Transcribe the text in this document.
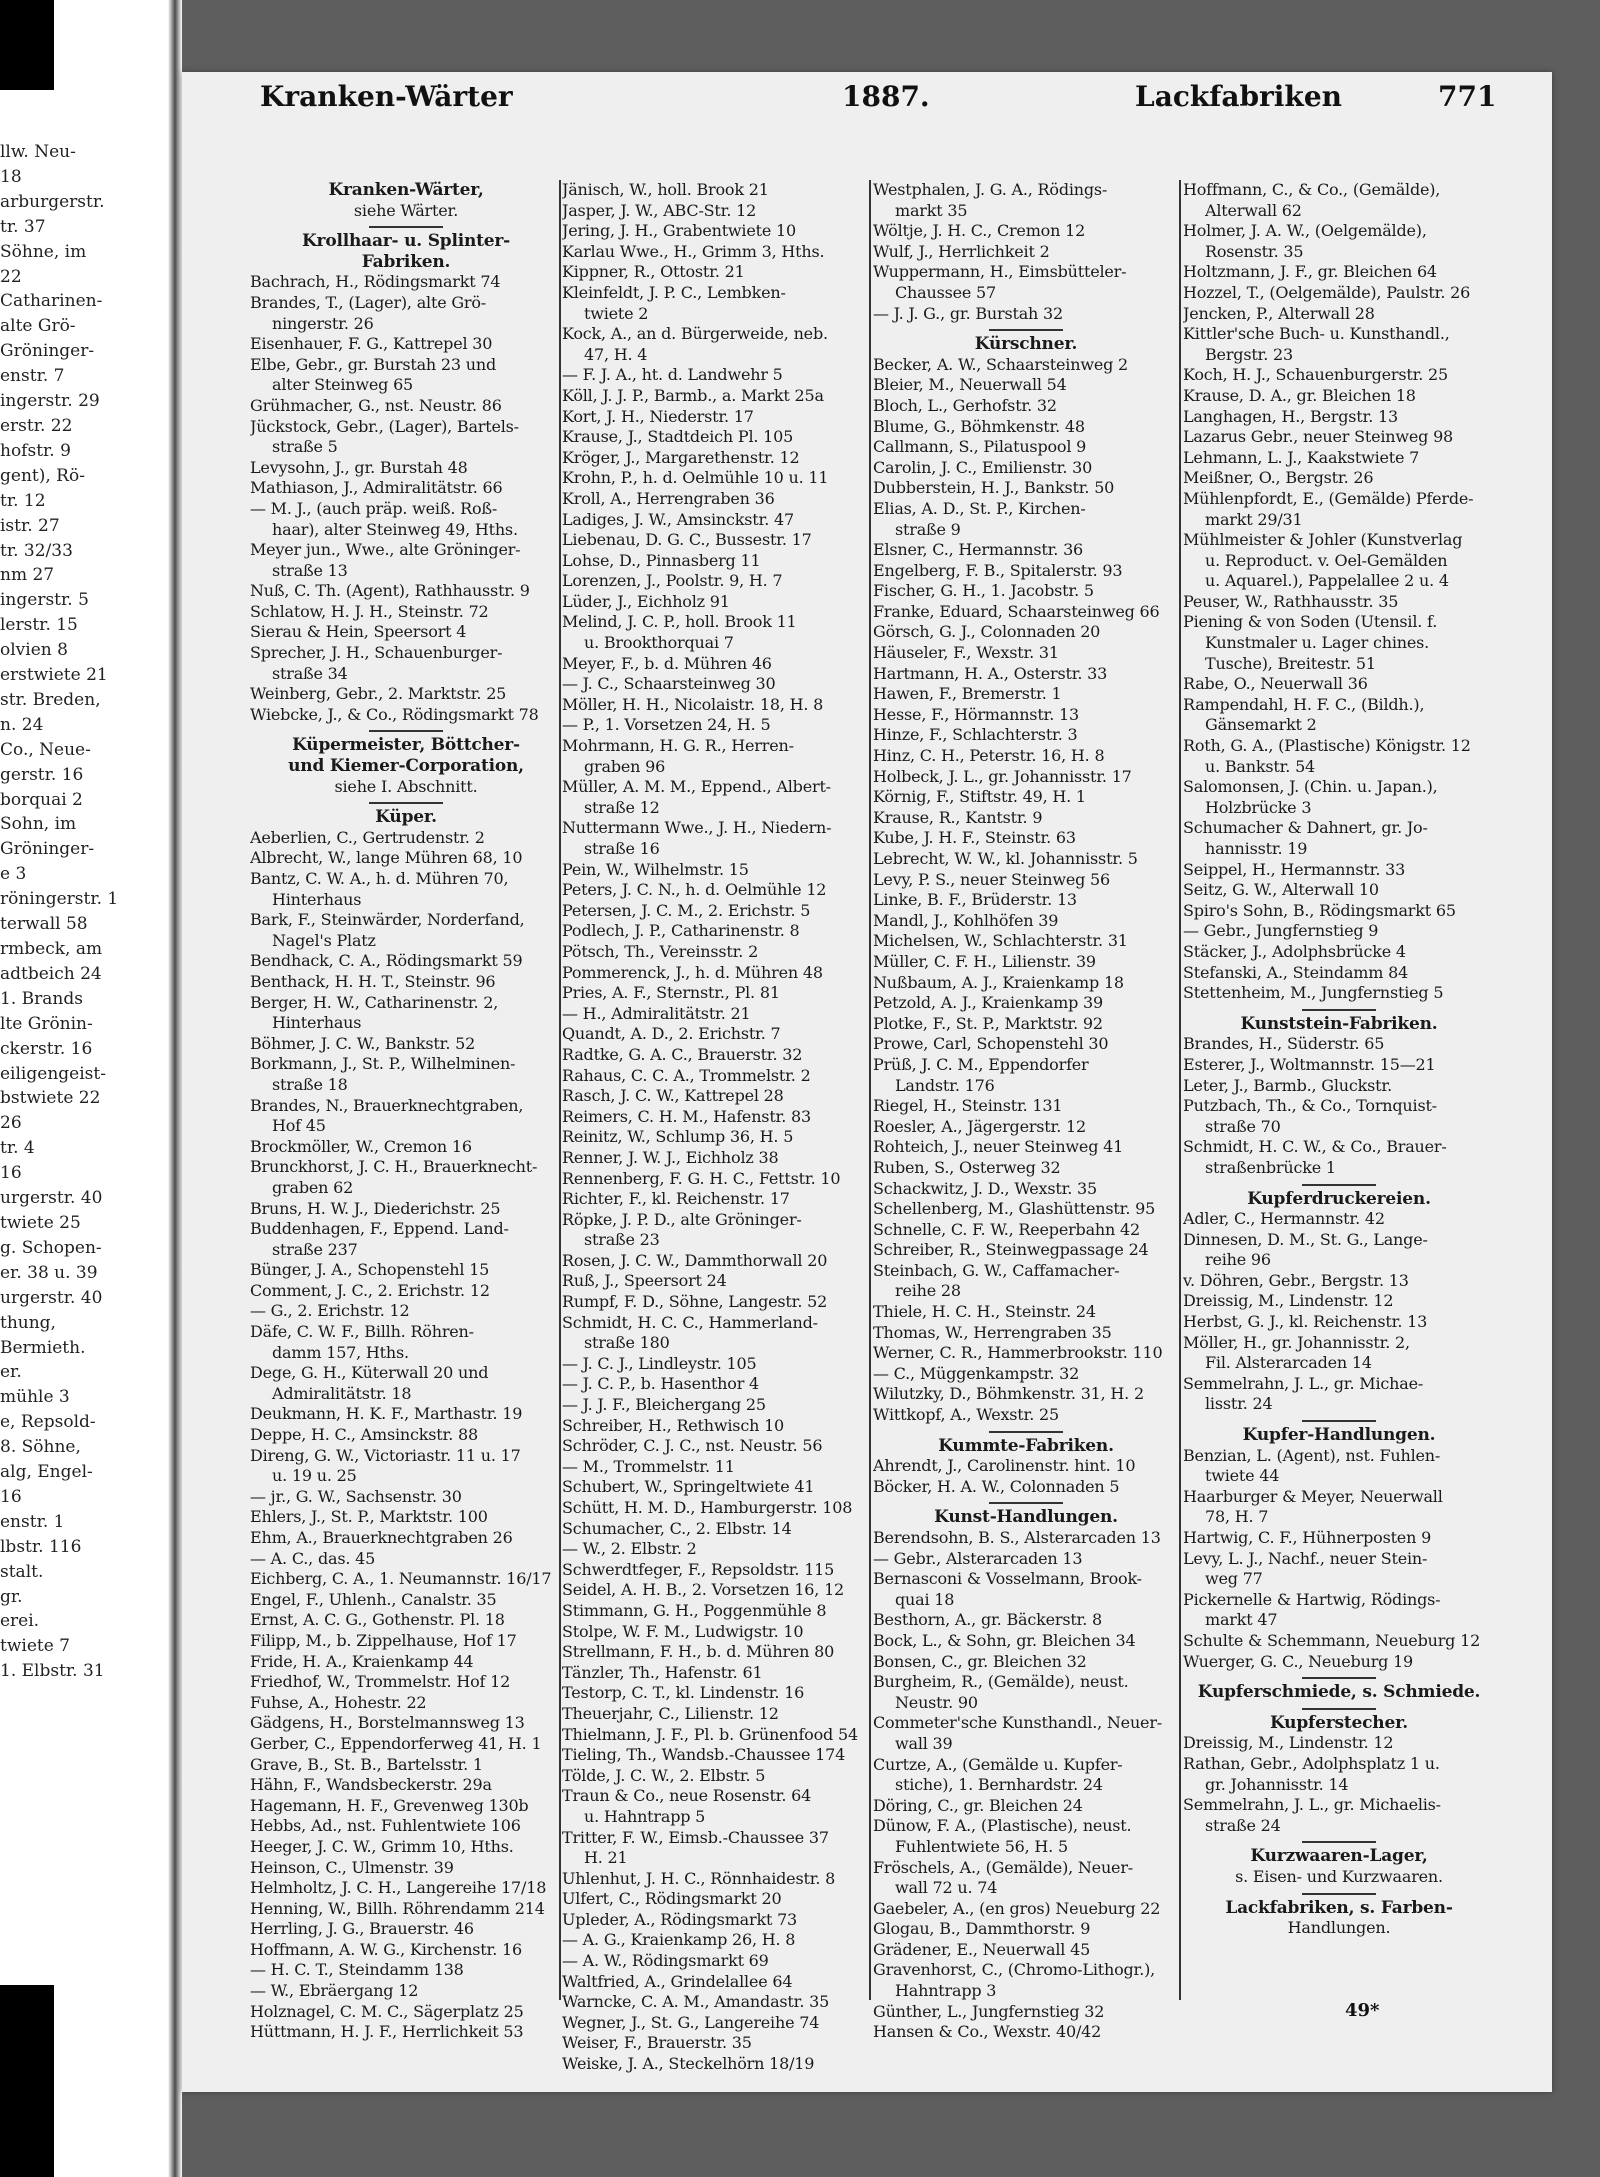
llw. Neu-
18
arburgerstr.
tr. 37
Söhne, im
22
Catharinen-
alte Grö-
Gröninger-
enstr. 7
ingerstr. 29
erstr. 22
hofstr. 9
gent), Rö-
tr. 12
istr. 27
tr. 32/33
nm 27
ingerstr. 5
lerstr. 15
olvien 8
erstwiete 21
str. Breden,
n. 24
Co., Neue-
gerstr. 16
borquai 2
Sohn, im
Gröninger-
e 3
röningerstr. 1
terwall 58
rmbeck, am
adtbeich 24
1. Brands
lte Grönin-
ckerstr. 16
eiligengeist-
bstwiete 22
26
tr. 4
16
urgerstr. 40
twiete 25
g. Schopen-
er. 38 u. 39
urgerstr. 40
thung,
Bermieth.
er.
mühle 3
e, Repsold-
8. Söhne,
alg, Engel-
16
enstr. 1
lbstr. 116
stalt.
gr.
erei.
twiete 7
1. Elbstr. 31
Kranken-Wärter	1887.	Lackfabriken	771
Kranken-Wärter,
siehe Wärter.
Krollhaar- u. Splinter-
Fabriken.
Bachrach, H., Rödingsmarkt 74
Brandes, T., (Lager), alte Grö-
ningerstr. 26
Eisenhauer, F. G., Kattrepel 30
Elbe, Gebr., gr. Burstah 23 und
alter Steinweg 65
Grühmacher, G., nst. Neustr. 86
Jückstock, Gebr., (Lager), Bartels-
straße 5
Levysohn, J., gr. Burstah 48
Mathiason, J., Admiralitätstr. 66
— M. J., (auch präp. weiß. Roß-
haar), alter Steinweg 49, Hths.
Meyer jun., Wwe., alte Gröninger-
straße 13
Nuß, C. Th. (Agent), Rathhausstr. 9
Schlatow, H. J. H., Steinstr. 72
Sierau & Hein, Speersort 4
Sprecher, J. H., Schauenburger-
straße 34
Weinberg, Gebr., 2. Marktstr. 25
Wiebcke, J., & Co., Rödingsmarkt 78
Küpermeister, Böttcher-
und Kiemer-Corporation,
siehe I. Abschnitt.
Küper.
Aeberlien, C., Gertrudenstr. 2
Albrecht, W., lange Mühren 68, 10
Bantz, C. W. A., h. d. Mühren 70,
Hinterhaus
Bark, F., Steinwärder, Norderfand,
Nagel's Platz
Bendhack, C. A., Rödingsmarkt 59
Benthack, H. H. T., Steinstr. 96
Berger, H. W., Catharinenstr. 2,
Hinterhaus
Böhmer, J. C. W., Bankstr. 52
Borkmann, J., St. P., Wilhelminen-
straße 18
Brandes, N., Brauerknechtgraben,
Hof 45
Brockmöller, W., Cremon 16
Brunckhorst, J. C. H., Brauerknecht-
graben 62
Bruns, H. W. J., Diederichstr. 25
Buddenhagen, F., Eppend. Land-
straße 237
Bünger, J. A., Schopenstehl 15
Comment, J. C., 2. Erichstr. 12
— G., 2. Erichstr. 12
Däfe, C. W. F., Billh. Röhren-
damm 157, Hths.
Dege, G. H., Küterwall 20 und
Admiralitätstr. 18
Deukmann, H. K. F., Marthastr. 19
Deppe, H. C., Amsinckstr. 88
Direng, G. W., Victoriastr. 11 u. 17
u. 19 u. 25
— jr., G. W., Sachsenstr. 30
Ehlers, J., St. P., Marktstr. 100
Ehm, A., Brauerknechtgraben 26
— A. C., das. 45
Eichberg, C. A., 1. Neumannstr. 16/17
Engel, F., Uhlenh., Canalstr. 35
Ernst, A. C. G., Gothenstr. Pl. 18
Filipp, M., b. Zippelhause, Hof 17
Fride, H. A., Kraienkamp 44
Friedhof, W., Trommelstr. Hof 12
Fuhse, A., Hohestr. 22
Gädgens, H., Borstelmannsweg 13
Gerber, C., Eppendorferweg 41, H. 1
Grave, B., St. B., Bartelsstr. 1
Hähn, F., Wandsbeckerstr. 29a
Hagemann, H. F., Grevenweg 130b
Hebbs, Ad., nst. Fuhlentwiete 106
Heeger, J. C. W., Grimm 10, Hths.
Heinson, C., Ulmenstr. 39
Helmholtz, J. C. H., Langereihe 17/18
Henning, W., Billh. Röhrendamm 214
Herrling, J. G., Brauerstr. 46
Hoffmann, A. W. G., Kirchenstr. 16
— H. C. T., Steindamm 138
— W., Ebräergang 12
Holznagel, C. M. C., Sägerplatz 25
Hüttmann, H. J. F., Herrlichkeit 53
Jänisch, W., holl. Brook 21
Jasper, J. W., ABC-Str. 12
Jering, J. H., Grabentwiete 10
Karlau Wwe., H., Grimm 3, Hths.
Kippner, R., Ottostr. 21
Kleinfeldt, J. P. C., Lembken-
twiete 2
Kock, A., an d. Bürgerweide, neb.
47, H. 4
— F. J. A., ht. d. Landwehr 5
Köll, J. J. P., Barmb., a. Markt 25a
Kort, J. H., Niederstr. 17
Krause, J., Stadtdeich Pl. 105
Kröger, J., Margarethenstr. 12
Krohn, P., h. d. Oelmühle 10 u. 11
Kroll, A., Herrengraben 36
Ladiges, J. W., Amsinckstr. 47
Liebenau, D. G. C., Bussestr. 17
Lohse, D., Pinnasberg 11
Lorenzen, J., Poolstr. 9, H. 7
Lüder, J., Eichholz 91
Melind, J. C. P., holl. Brook 11
u. Brookthorquai 7
Meyer, F., b. d. Mühren 46
— J. C., Schaarsteinweg 30
Möller, H. H., Nicolaistr. 18, H. 8
— P., 1. Vorsetzen 24, H. 5
Mohrmann, H. G. R., Herren-
graben 96
Müller, A. M. M., Eppend., Albert-
straße 12
Nuttermann Wwe., J. H., Niedern-
straße 16
Pein, W., Wilhelmstr. 15
Peters, J. C. N., h. d. Oelmühle 12
Petersen, J. C. M., 2. Erichstr. 5
Podlech, J. P., Catharinenstr. 8
Pötsch, Th., Vereinsstr. 2
Pommerenck, J., h. d. Mühren 48
Pries, A. F., Sternstr., Pl. 81
— H., Admiralitätstr. 21
Quandt, A. D., 2. Erichstr. 7
Radtke, G. A. C., Brauerstr. 32
Rahaus, C. C. A., Trommelstr. 2
Rasch, J. C. W., Kattrepel 28
Reimers, C. H. M., Hafenstr. 83
Reinitz, W., Schlump 36, H. 5
Renner, J. W. J., Eichholz 38
Rennenberg, F. G. H. C., Fettstr. 10
Richter, F., kl. Reichenstr. 17
Röpke, J. P. D., alte Gröninger-
straße 23
Rosen, J. C. W., Dammthorwall 20
Ruß, J., Speersort 24
Rumpf, F. D., Söhne, Langestr. 52
Schmidt, H. C. C., Hammerland-
straße 180
— J. C. J., Lindleystr. 105
— J. C. P., b. Hasenthor 4
— J. J. F., Bleichergang 25
Schreiber, H., Rethwisch 10
Schröder, C. J. C., nst. Neustr. 56
— M., Trommelstr. 11
Schubert, W., Springeltwiete 41
Schütt, H. M. D., Hamburgerstr. 108
Schumacher, C., 2. Elbstr. 14
— W., 2. Elbstr. 2
Schwerdtfeger, F., Repsoldstr. 115
Seidel, A. H. B., 2. Vorsetzen 16, 12
Stimmann, G. H., Poggenmühle 8
Stolpe, W. F. M., Ludwigstr. 10
Strellmann, F. H., b. d. Mühren 80
Tänzler, Th., Hafenstr. 61
Testorp, C. T., kl. Lindenstr. 16
Theuerjahr, C., Lilienstr. 12
Thielmann, J. F., Pl. b. Grünenfood 54
Tieling, Th., Wandsb.-Chaussee 174
Tölde, J. C. W., 2. Elbstr. 5
Traun & Co., neue Rosenstr. 64
u. Hahntrapp 5
Tritter, F. W., Eimsb.-Chaussee 37
H. 21
Uhlenhut, J. H. C., Rönnhaidestr. 8
Ulfert, C., Rödingsmarkt 20
Upleder, A., Rödingsmarkt 73
— A. G., Kraienkamp 26, H. 8
— A. W., Rödingsmarkt 69
Waltfried, A., Grindelallee 64
Warncke, C. A. M., Amandastr. 35
Wegner, J., St. G., Langereihe 74
Weiser, F., Brauerstr. 35
Weiske, J. A., Steckelhörn 18/19
Westphalen, J. G. A., Rödings-
markt 35
Wöltje, J. H. C., Cremon 12
Wulf, J., Herrlichkeit 2
Wuppermann, H., Eimsbütteler-
Chaussee 57
— J. J. G., gr. Burstah 32
Kürschner.
Becker, A. W., Schaarsteinweg 2
Bleier, M., Neuerwall 54
Bloch, L., Gerhofstr. 32
Blume, G., Böhmkenstr. 48
Callmann, S., Pilatuspool 9
Carolin, J. C., Emilienstr. 30
Dubberstein, H. J., Bankstr. 50
Elias, A. D., St. P., Kirchen-
straße 9
Elsner, C., Hermannstr. 36
Engelberg, F. B., Spitalerstr. 93
Fischer, G. H., 1. Jacobstr. 5
Franke, Eduard, Schaarsteinweg 66
Görsch, G. J., Colonnaden 20
Häuseler, F., Wexstr. 31
Hartmann, H. A., Osterstr. 33
Hawen, F., Bremerstr. 1
Hesse, F., Hörmannstr. 13
Hinze, F., Schlachterstr. 3
Hinz, C. H., Peterstr. 16, H. 8
Holbeck, J. L., gr. Johannisstr. 17
Körnig, F., Stiftstr. 49, H. 1
Krause, R., Kantstr. 9
Kube, J. H. F., Steinstr. 63
Lebrecht, W. W., kl. Johannisstr. 5
Levy, P. S., neuer Steinweg 56
Linke, B. F., Brüderstr. 13
Mandl, J., Kohlhöfen 39
Michelsen, W., Schlachterstr. 31
Müller, C. F. H., Lilienstr. 39
Nußbaum, A. J., Kraienkamp 18
Petzold, A. J., Kraienkamp 39
Plotke, F., St. P., Marktstr. 92
Prowe, Carl, Schopenstehl 30
Prüß, J. C. M., Eppendorfer
Landstr. 176
Riegel, H., Steinstr. 131
Roesler, A., Jägergerstr. 12
Rohteich, J., neuer Steinweg 41
Ruben, S., Osterweg 32
Schackwitz, J. D., Wexstr. 35
Schellenberg, M., Glashüttenstr. 95
Schnelle, C. F. W., Reeperbahn 42
Schreiber, R., Steinwegpassage 24
Steinbach, G. W., Caffamacher-
reihe 28
Thiele, H. C. H., Steinstr. 24
Thomas, W., Herrengraben 35
Werner, C. R., Hammerbrookstr. 110
— C., Müggenkampstr. 32
Wilutzky, D., Böhmkenstr. 31, H. 2
Wittkopf, A., Wexstr. 25
Kummte-Fabriken.
Ahrendt, J., Carolinenstr. hint. 10
Böcker, H. A. W., Colonnaden 5
Kunst-Handlungen.
Berendsohn, B. S., Alsterarcaden 13
— Gebr., Alsterarcaden 13
Bernasconi & Vosselmann, Brook-
quai 18
Besthorn, A., gr. Bäckerstr. 8
Bock, L., & Sohn, gr. Bleichen 34
Bonsen, C., gr. Bleichen 32
Burgheim, R., (Gemälde), neust.
Neustr. 90
Commeter'sche Kunsthandl., Neuer-
wall 39
Curtze, A., (Gemälde u. Kupfer-
stiche), 1. Bernhardstr. 24
Döring, C., gr. Bleichen 24
Dünow, F. A., (Plastische), neust.
Fuhlentwiete 56, H. 5
Fröschels, A., (Gemälde), Neuer-
wall 72 u. 74
Gaebeler, A., (en gros) Neueburg 22
Glogau, B., Dammthorstr. 9
Grädener, E., Neuerwall 45
Gravenhorst, C., (Chromo-Lithogr.),
Hahntrapp 3
Günther, L., Jungfernstieg 32
Hansen & Co., Wexstr. 40/42
Hoffmann, C., & Co., (Gemälde),
Alterwall 62
Holmer, J. A. W., (Oelgemälde),
Rosenstr. 35
Holtzmann, J. F., gr. Bleichen 64
Hozzel, T., (Oelgemälde), Paulstr. 26
Jencken, P., Alterwall 28
Kittler'sche Buch- u. Kunsthandl.,
Bergstr. 23
Koch, H. J., Schauenburgerstr. 25
Krause, D. A., gr. Bleichen 18
Langhagen, H., Bergstr. 13
Lazarus Gebr., neuer Steinweg 98
Lehmann, L. J., Kaakstwiete 7
Meißner, O., Bergstr. 26
Mühlenpfordt, E., (Gemälde) Pferde-
markt 29/31
Mühlmeister & Johler (Kunstverlag
u. Reproduct. v. Oel-Gemälden
u. Aquarel.), Pappelallee 2 u. 4
Peuser, W., Rathhausstr. 35
Piening & von Soden (Utensil. f.
Kunstmaler u. Lager chines.
Tusche), Breitestr. 51
Rabe, O., Neuerwall 36
Rampendahl, H. F. C., (Bildh.),
Gänsemarkt 2
Roth, G. A., (Plastische) Königstr. 12
u. Bankstr. 54
Salomonsen, J. (Chin. u. Japan.),
Holzbrücke 3
Schumacher & Dahnert, gr. Jo-
hannisstr. 19
Seippel, H., Hermannstr. 33
Seitz, G. W., Alterwall 10
Spiro's Sohn, B., Rödingsmarkt 65
— Gebr., Jungfernstieg 9
Stäcker, J., Adolphsbrücke 4
Stefanski, A., Steindamm 84
Stettenheim, M., Jungfernstieg 5
Kunststein-Fabriken.
Brandes, H., Süderstr. 65
Esterer, J., Woltmannstr. 15—21
Leter, J., Barmb., Gluckstr.
Putzbach, Th., & Co., Tornquist-
straße 70
Schmidt, H. C. W., & Co., Brauer-
straßenbrücke 1
Kupferdruckereien.
Adler, C., Hermannstr. 42
Dinnesen, D. M., St. G., Lange-
reihe 96
v. Döhren, Gebr., Bergstr. 13
Dreissig, M., Lindenstr. 12
Herbst, G. J., kl. Reichenstr. 13
Möller, H., gr. Johannisstr. 2,
Fil. Alsterarcaden 14
Semmelrahn, J. L., gr. Michae-
lisstr. 24
Kupfer-Handlungen.
Benzian, L. (Agent), nst. Fuhlen-
twiete 44
Haarburger & Meyer, Neuerwall
78, H. 7
Hartwig, C. F., Hühnerposten 9
Levy, L. J., Nachf., neuer Stein-
weg 77
Pickernelle & Hartwig, Rödings-
markt 47
Schulte & Schemmann, Neueburg 12
Wuerger, G. C., Neueburg 19
Kupferschmiede, s. Schmiede.
Kupferstecher.
Dreissig, M., Lindenstr. 12
Rathan, Gebr., Adolphsplatz 1 u.
gr. Johannisstr. 14
Semmelrahn, J. L., gr. Michaelis-
straße 24
Kurzwaaren-Lager,
s. Eisen- und Kurzwaaren.
Lackfabriken, s. Farben-
Handlungen.
49*
